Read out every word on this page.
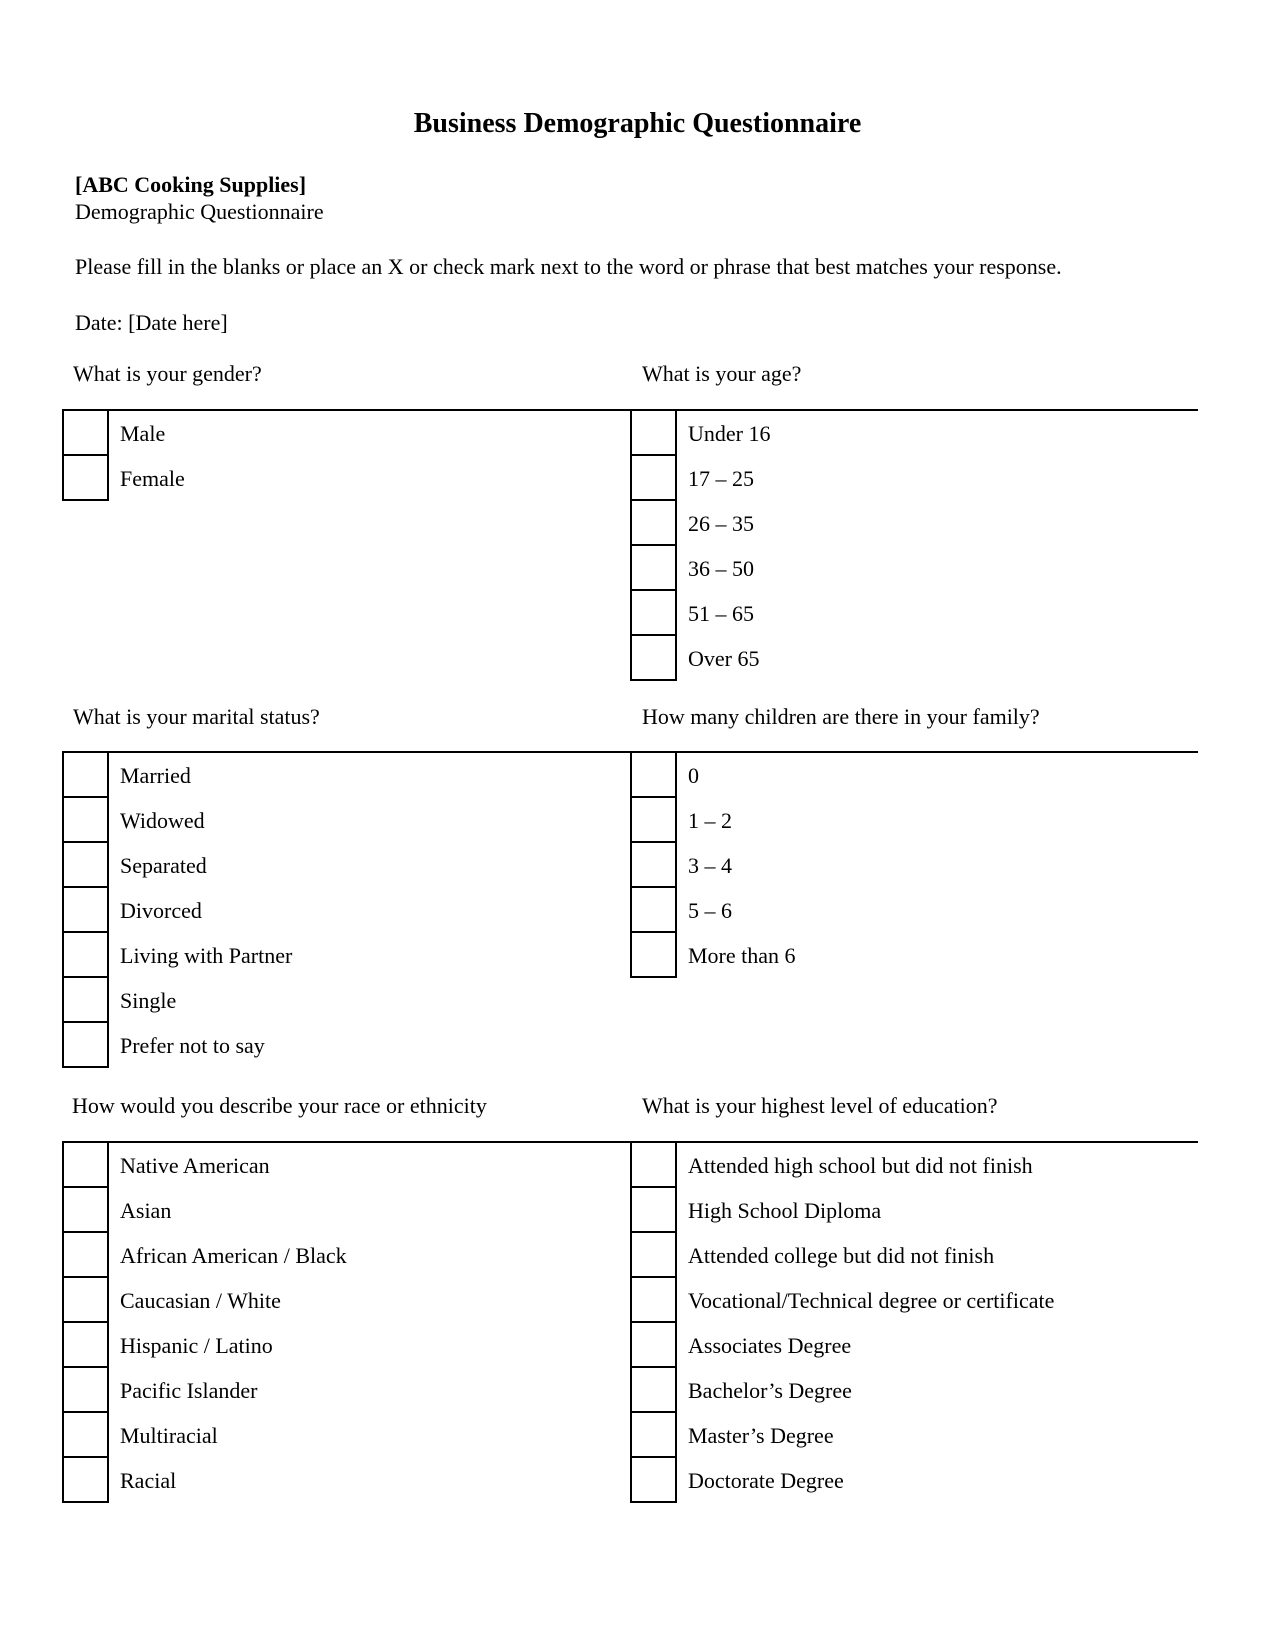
Business Demographic Questionnaire
[ABC Cooking Supplies]
Demographic Questionnaire
Please fill in the blanks or place an X or check mark next to the word or phrase that best matches your response.
Date: [Date here]
What is your gender?
Male
Female
What is your age?
Under 16
17 – 25
26 – 35
36 – 50
51 – 65
Over 65
What is your marital status?
Married
Widowed
Separated
Divorced
Living with Partner
Single
Prefer not to say
How many children are there in your family?
0
1 – 2
3 – 4
5 – 6
More than 6
How would you describe your race or ethnicity
Native American
Asian
African American / Black
Caucasian / White
Hispanic / Latino
Pacific Islander
Multiracial
Racial
What is your highest level of education?
Attended high school but did not finish
High School Diploma
Attended college but did not finish
Vocational/Technical degree or certificate
Associates Degree
Bachelor’s Degree
Master’s Degree
Doctorate Degree
